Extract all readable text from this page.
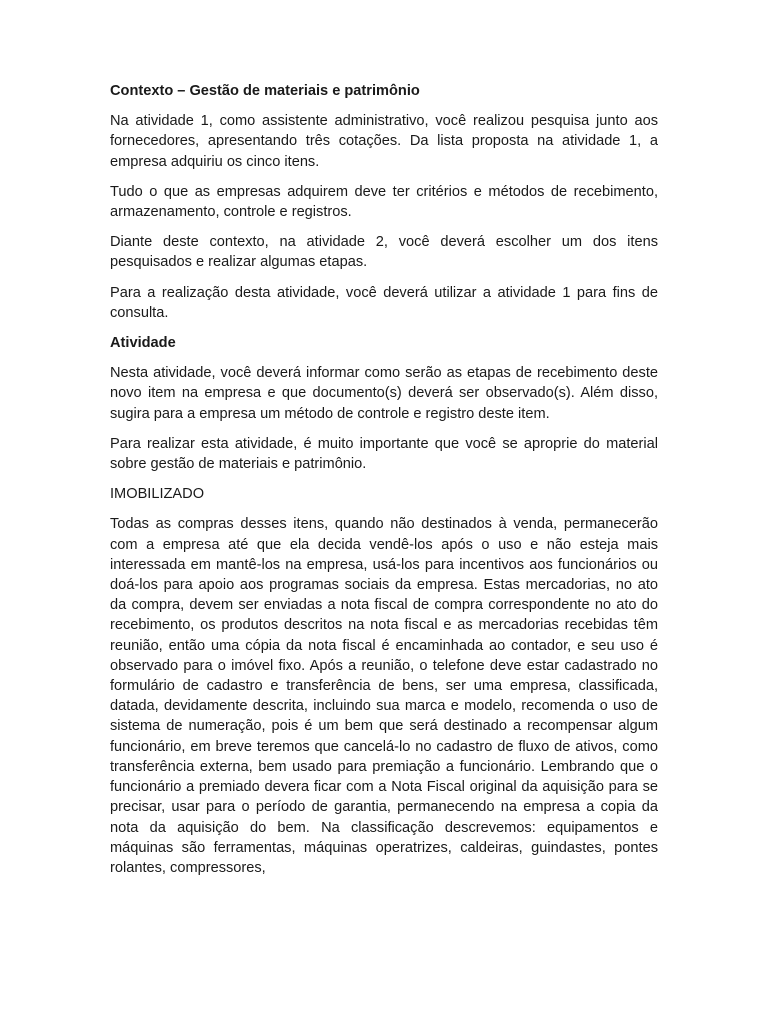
Contexto – Gestão de materiais e patrimônio

Na atividade 1, como assistente administrativo, você realizou pesquisa junto aos fornecedores, apresentando três cotações. Da lista proposta na atividade 1, a empresa adquiriu os cinco itens.

Tudo o que as empresas adquirem deve ter critérios e métodos de recebimento, armazenamento, controle e registros.

Diante deste contexto, na atividade 2, você deverá escolher um dos itens pesquisados e realizar algumas etapas.

Para a realização desta atividade, você deverá utilizar a atividade 1 para fins de consulta.

Atividade

Nesta atividade, você deverá informar como serão as etapas de recebimento deste novo item na empresa e que documento(s) deverá ser observado(s). Além disso, sugira para a empresa um método de controle e registro deste item.

Para realizar esta atividade, é muito importante que você se aproprie do material sobre gestão de materiais e patrimônio.

IMOBILIZADO

Todas as compras desses itens, quando não destinados à venda, permanecerão com a empresa até que ela decida vendê-los após o uso e não esteja mais interessada em mantê-los na empresa, usá-los para incentivos aos funcionários ou doá-los para apoio aos programas sociais da empresa. Estas mercadorias, no ato da compra, devem ser enviadas a nota fiscal de compra correspondente no ato do recebimento, os produtos descritos na nota fiscal e as mercadorias recebidas têm reunião, então uma cópia da nota fiscal é encaminhada ao contador, e seu uso é observado para o imóvel fixo. Após a reunião, o telefone deve estar cadastrado no formulário de cadastro e transferência de bens, ser uma empresa, classificada, datada, devidamente descrita, incluindo sua marca e modelo, recomenda o uso de sistema de numeração, pois é um bem que será destinado a recompensar algum funcionário, em breve teremos que cancelá-lo no cadastro de fluxo de ativos, como transferência externa, bem usado para premiação a funcionário. Lembrando que o funcionário a premiado devera ficar com a Nota Fiscal original da aquisição para se precisar, usar para o período de garantia, permanecendo na empresa a copia da nota da aquisição do bem. Na classificação descrevemos: equipamentos e máquinas são ferramentas, máquinas operatrizes, caldeiras, guindastes, pontes rolantes, compressores,
